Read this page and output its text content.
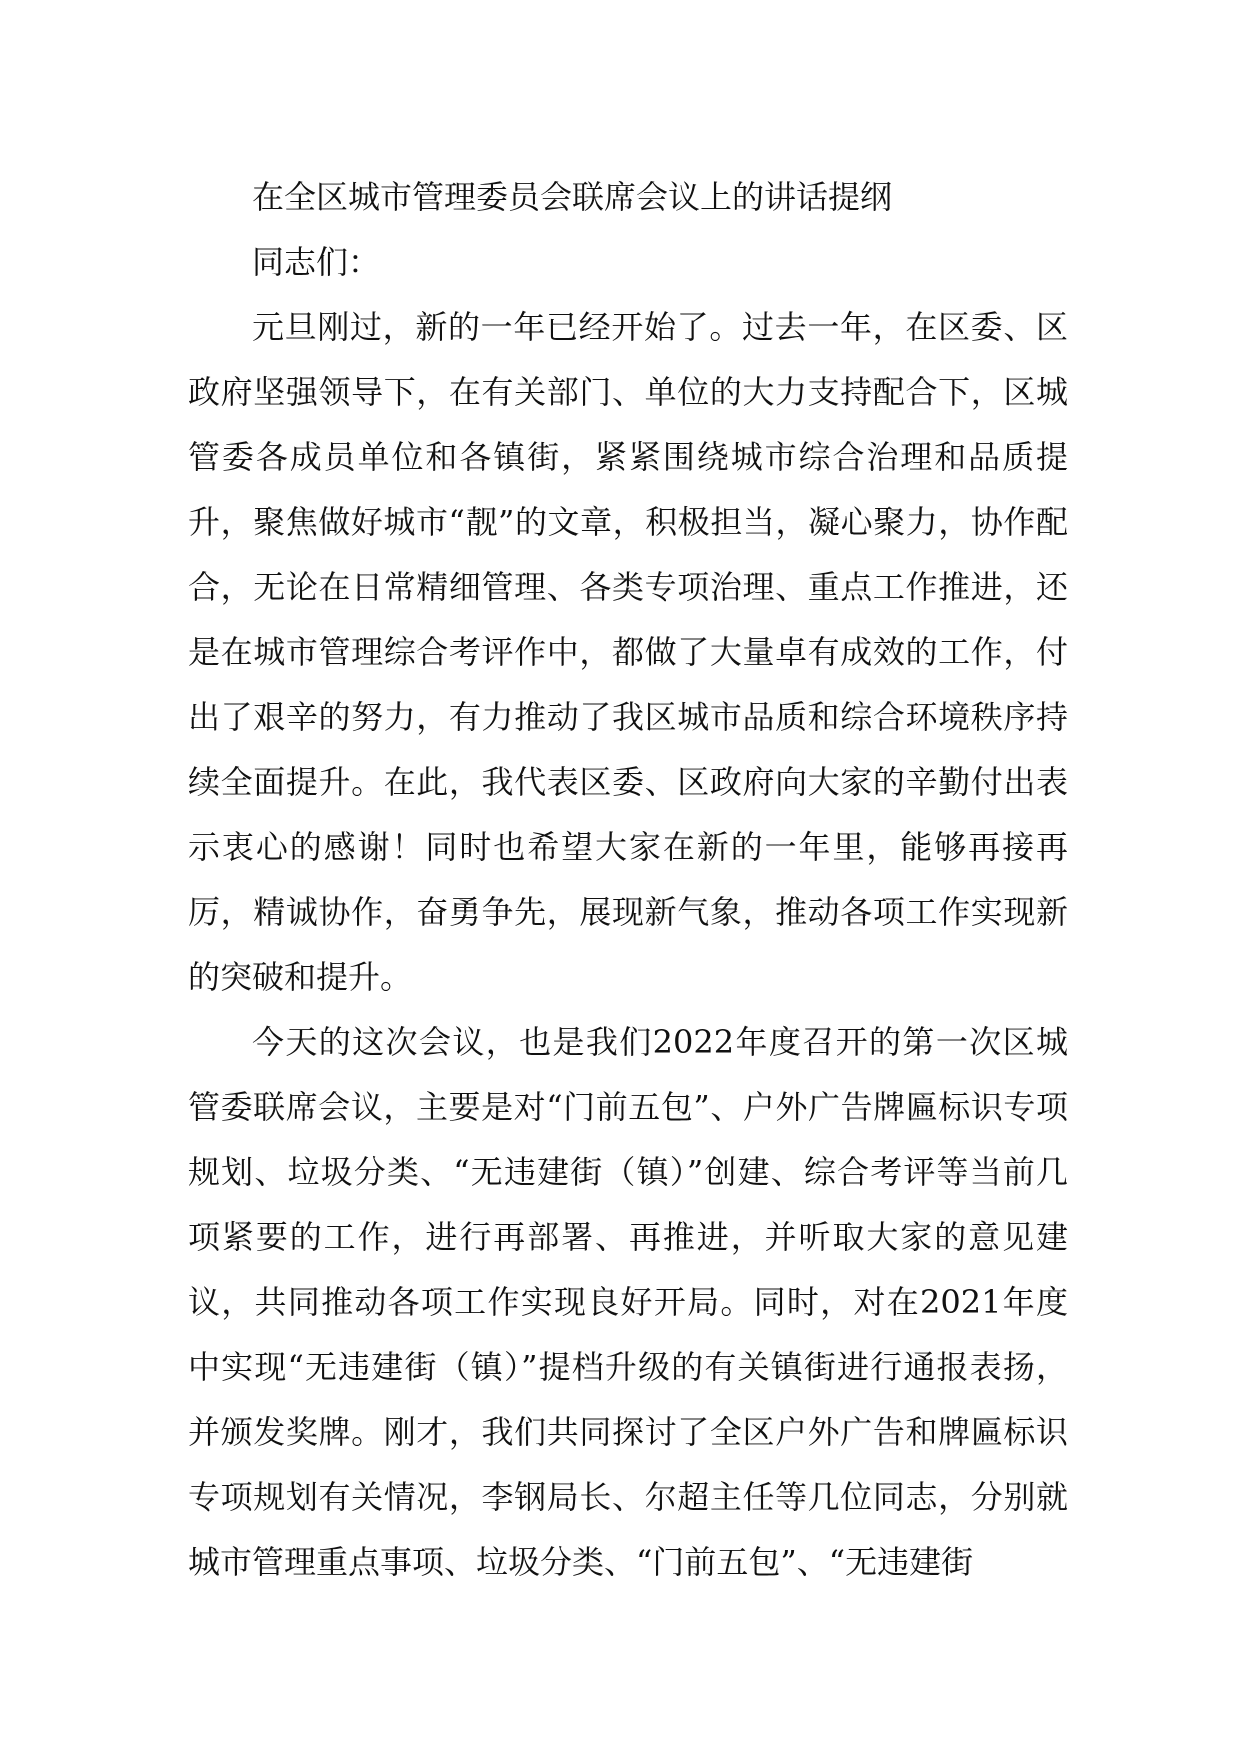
在全区城市管理委员会联席会议上的讲话提纲

同志们：

元旦刚过，新的一年已经开始了。过去一年，在区委、区政府坚强领导下，在有关部门、单位的大力支持配合下，区城管委各成员单位和各镇街，紧紧围绕城市综合治理和品质提升，聚焦做好城市“靓”的文章，积极担当，凝心聚力，协作配合，无论在日常精细管理、各类专项治理、重点工作推进，还是在城市管理综合考评作中，都做了大量卓有成效的工作，付出了艰辛的努力，有力推动了我区城市品质和综合环境秩序持续全面提升。在此，我代表区委、区政府向大家的辛勤付出表示衷心的感谢！同时也希望大家在新的一年里，能够再接再厉，精诚协作，奋勇争先，展现新气象，推动各项工作实现新的突破和提升。

今天的这次会议，也是我们2022年度召开的第一次区城管委联席会议，主要是对“门前五包”、户外广告牌匾标识专项规划、垃圾分类、“无违建街（镇）”创建、综合考评等当前几项紧要的工作，进行再部署、再推进，并听取大家的意见建议，共同推动各项工作实现良好开局。同时，对在2021年度中实现“无违建街（镇）”提档升级的有关镇街进行通报表扬，并颁发奖牌。刚才，我们共同探讨了全区户外广告和牌匾标识专项规划有关情况，李钢局长、尔超主任等几位同志，分别就城市管理重点事项、垃圾分类、“门前五包”、“无违建街
